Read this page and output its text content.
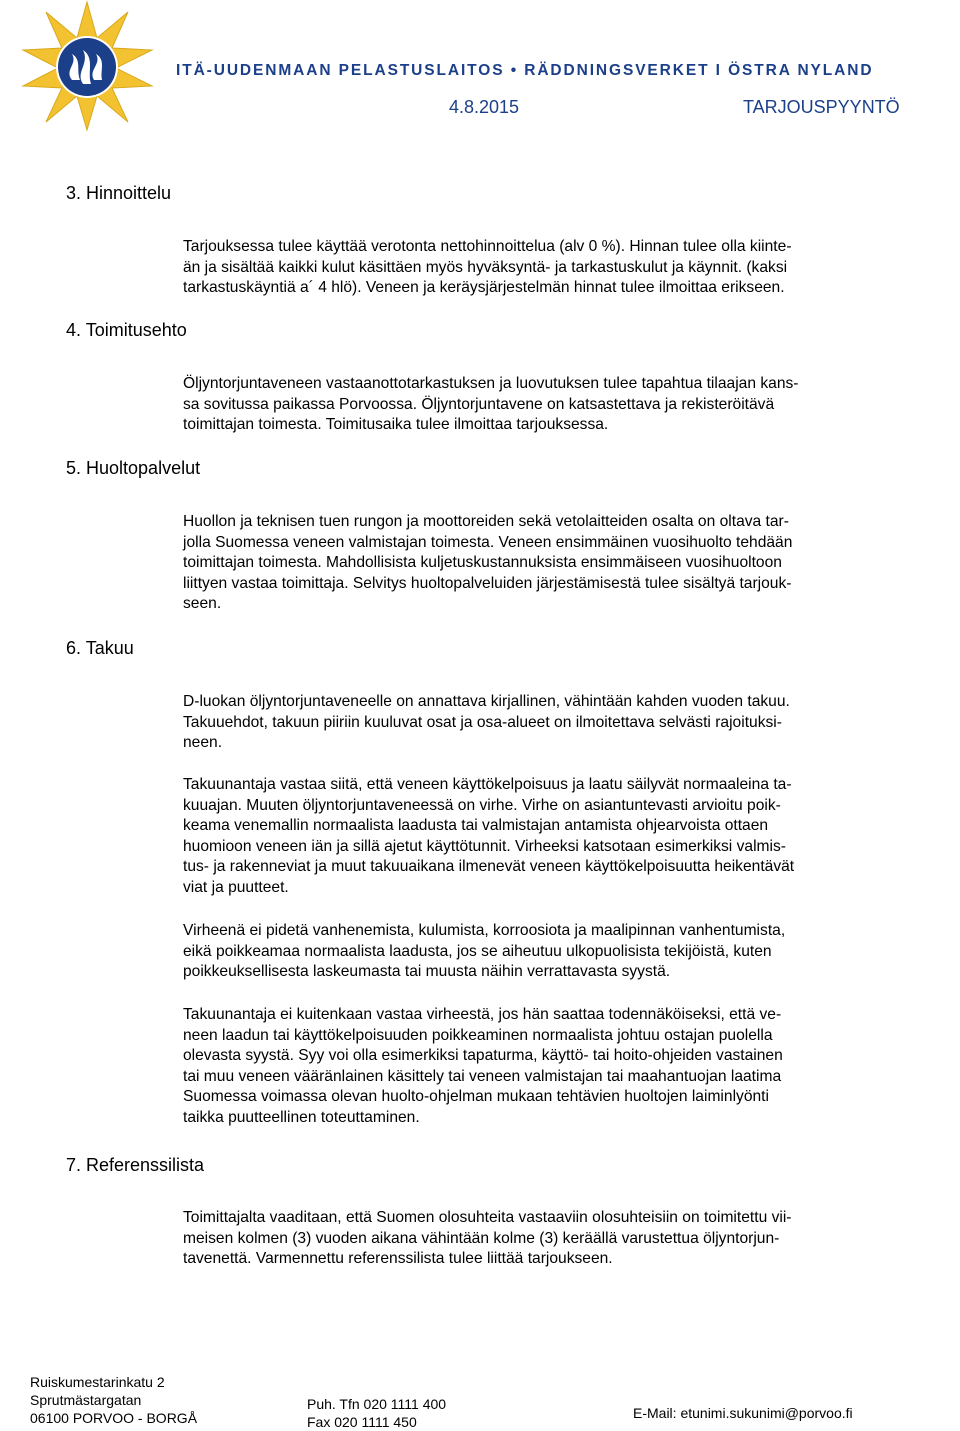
ITÄ-UUDENMAAN PELASTUSLAITOS • RÄDDNINGSVERKET I ÖSTRA NYLAND
4.8.2015	TARJOUSPYYNTÖ
3. Hinnoittelu
Tarjouksessa tulee käyttää verotonta nettohinnoittelua (alv 0 %). Hinnan tulee olla kiinte-
än ja sisältää kaikki kulut käsittäen myös hyväksyntä- ja tarkastuskulut ja käynnit. (kaksi
tarkastuskäyntiä a´ 4 hlö). Veneen ja keräysjärjestelmän hinnat tulee ilmoittaa erikseen.
4. Toimitusehto
Öljyntorjuntaveneen vastaanottotarkastuksen ja luovutuksen tulee tapahtua tilaajan kans-
sa sovitussa paikassa Porvoossa. Öljyntorjuntavene on katsastettava ja rekisteröitävä
toimittajan toimesta. Toimitusaika tulee ilmoittaa tarjouksessa.
5. Huoltopalvelut
Huollon ja teknisen tuen rungon ja moottoreiden sekä vetolaitteiden osalta on oltava tar-
jolla Suomessa veneen valmistajan toimesta. Veneen ensimmäinen vuosihuolto tehdään
toimittajan toimesta. Mahdollisista kuljetuskustannuksista ensimmäiseen vuosihuoltoon
liittyen vastaa toimittaja. Selvitys huoltopalveluiden järjestämisestä tulee sisältyä tarjouk-
seen.
6. Takuu
D-luokan öljyntorjuntaveneelle on annattava kirjallinen, vähintään kahden vuoden takuu.
Takuuehdot, takuun piiriin kuuluvat osat ja osa-alueet on ilmoitettava selvästi rajoituksi-
neen.
Takuunantaja vastaa siitä, että veneen käyttökelpoisuus ja laatu säilyvät normaaleina ta-
kuuajan. Muuten öljyntorjuntaveneessä on virhe. Virhe on asiantuntevasti arvioitu poik-
keama venemallin normaalista laadusta tai valmistajan antamista ohjearvoista ottaen
huomioon veneen iän ja sillä ajetut käyttötunnit. Virheeksi katsotaan esimerkiksi valmis-
tus- ja rakenneviat ja muut takuuaikana ilmenevät veneen käyttökelpoisuutta heikentävät
viat ja puutteet.
Virheenä ei pidetä vanhenemista, kulumista, korroosiota ja maalipinnan vanhentumista,
eikä poikkeamaa normaalista laadusta, jos se aiheutuu ulkopuolisista tekijöistä, kuten
poikkeuksellisesta laskeumasta tai muusta näihin verrattavasta syystä.
Takuunantaja ei kuitenkaan vastaa virheestä, jos hän saattaa todennäköiseksi, että ve-
neen laadun tai käyttökelpoisuuden poikkeaminen normaalista johtuu ostajan puolella
olevasta syystä. Syy voi olla esimerkiksi tapaturma, käyttö- tai hoito-ohjeiden vastainen
tai muu veneen vääränlainen käsittely tai veneen valmistajan tai maahantuojan laatima
Suomessa voimassa olevan huolto-ohjelman mukaan tehtävien huoltojen laiminlyönti
taikka puutteellinen toteuttaminen.
7. Referenssilista
Toimittajalta vaaditaan, että Suomen olosuhteita vastaaviin olosuhteisiin on toimitettu vii-
meisen kolmen (3) vuoden aikana vähintään kolme (3) keräällä varustettua öljyntorjun-
tavenettä. Varmennettu referenssilista tulee liittää tarjoukseen.
Ruiskumestarinkatu 2
Sprutmästargatan
06100 PORVOO - BORGÅ
Puh. Tfn 020 1111 400
Fax 020 1111 450
E-Mail: etunimi.sukunimi@porvoo.fi
